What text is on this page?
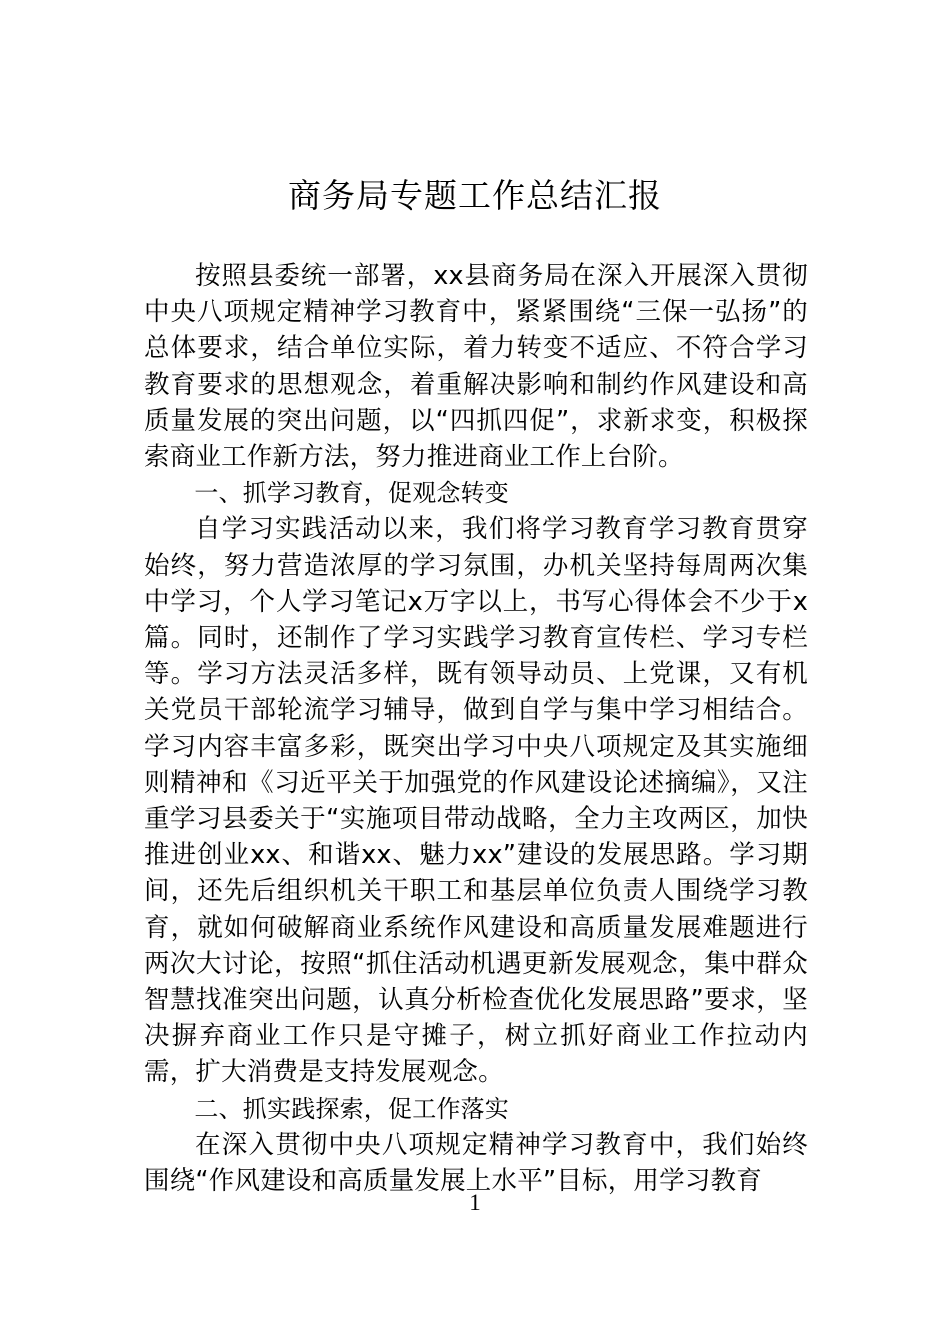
商务局专题工作总结汇报

按照县委统一部署，xx县商务局在深入开展深入贯彻中央八项规定精神学习教育中，紧紧围绕“三保一弘扬”的总体要求，结合单位实际，着力转变不适应、不符合学习教育要求的思想观念，着重解决影响和制约作风建设和高质量发展的突出问题，以“四抓四促”，求新求变，积极探索商业工作新方法，努力推进商业工作上台阶。

一、抓学习教育，促观念转变

自学习实践活动以来，我们将学习教育学习教育贯穿始终，努力营造浓厚的学习氛围，办机关坚持每周两次集中学习，个人学习笔记x万字以上，书写心得体会不少于x篇。同时，还制作了学习实践学习教育宣传栏、学习专栏等。学习方法灵活多样，既有领导动员、上党课，又有机关党员干部轮流学习辅导，做到自学与集中学习相结合。学习内容丰富多彩，既突出学习中央八项规定及其实施细则精神和《习近平关于加强党的作风建设论述摘编》，又注重学习县委关于“实施项目带动战略，全力主攻两区，加快推进创业xx、和谐xx、魅力xx”建设的发展思路。学习期间，还先后组织机关干职工和基层单位负责人围绕学习教育，就如何破解商业系统作风建设和高质量发展难题进行两次大讨论，按照“抓住活动机遇更新发展观念，集中群众智慧找准突出问题，认真分析检查优化发展思路”要求，坚决摒弃商业工作只是守摊子，树立抓好商业工作拉动内需，扩大消费是支持发展观念。

二、抓实践探索，促工作落实

在深入贯彻中央八项规定精神学习教育中，我们始终围绕“作风建设和高质量发展上水平”目标，用学习教育

1
